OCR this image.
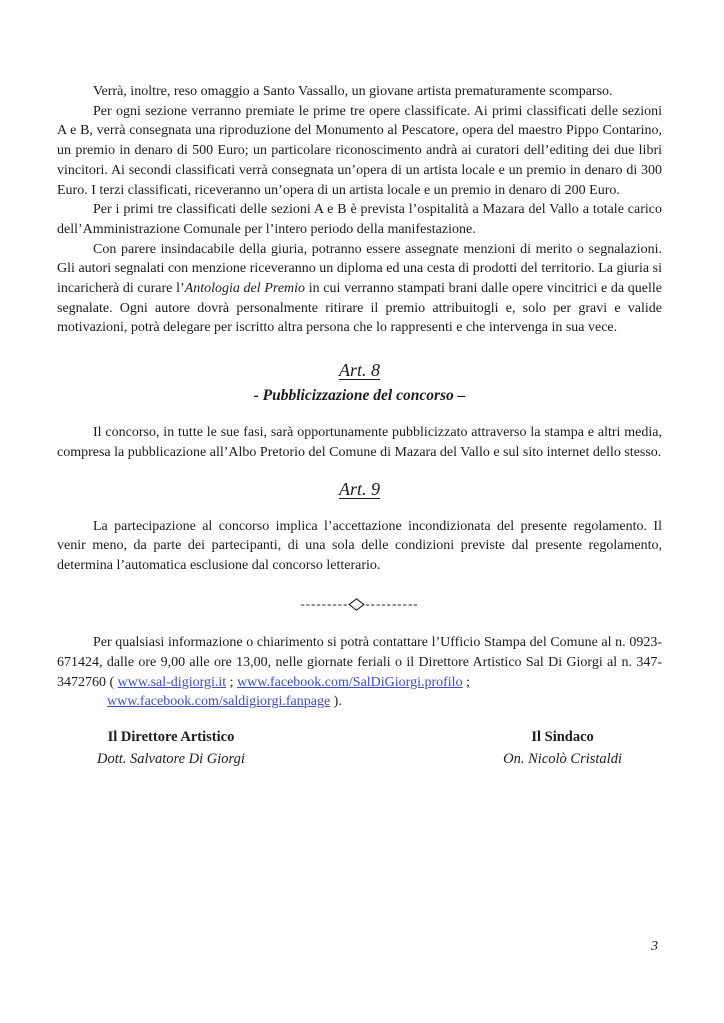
Verrà, inoltre, reso omaggio a Santo Vassallo, un giovane artista prematuramente scomparso.

Per ogni sezione verranno premiate le prime tre opere classificate. Ai primi classificati delle sezioni A e B, verrà consegnata una riproduzione del Monumento al Pescatore, opera del maestro Pippo Contarino, un premio in denaro di 500 Euro; un particolare riconoscimento andrà ai curatori dell’editing dei due libri vincitori. Ai secondi classificati verrà consegnata un’opera di un artista locale e un premio in denaro di 300 Euro. I terzi classificati, riceveranno un’opera di un artista locale e un premio in denaro di 200 Euro.

Per i primi tre classificati delle sezioni A e B è prevista l’ospitalità a Mazara del Vallo a totale carico dell’Amministrazione Comunale per l’intero periodo della manifestazione.

Con parere insindacabile della giuria, potranno essere assegnate menzioni di merito o segnalazioni. Gli autori segnalati con menzione riceveranno un diploma ed una cesta di prodotti del territorio. La giuria si incaricherà di curare l’Antologia del Premio in cui verranno stampati brani dalle opere vincitrici e da quelle segnalate. Ogni autore dovrà personalmente ritirare il premio attribuitogli e, solo per gravi e valide motivazioni, potrà delegare per iscritto altra persona che lo rappresenti e che intervenga in sua vece.

Art. 8
- Pubblicizzazione del concorso –

Il concorso, in tutte le sue fasi, sarà opportunamente pubblicizzato attraverso la stampa e altri media, compresa la pubblicazione all’Albo Pretorio del Comune di Mazara del Vallo e sul sito internet dello stesso.

Art. 9

La partecipazione al concorso implica l’accettazione incondizionata del presente regolamento. Il venir meno, da parte dei partecipanti, di una sola delle condizioni previste dal presente regolamento, determina l’automatica esclusione dal concorso letterario.

--------- ----------

Per qualsiasi informazione o chiarimento si potrà contattare l’Ufficio Stampa del Comune al n. 0923-671424, dalle ore 9,00 alle ore 13,00, nelle giornate feriali o il Direttore Artistico Sal Di Giorgi al n. 347-3472760 ( www.sal-digiorgi.it ; www.facebook.com/SalDiGiorgi.profilo ;
www.facebook.com/saldigiorgi.fanpage ).

Il Direttore Artistico
Dott. Salvatore Di Giorgi
Il Sindaco
On. Nicolò Cristaldi
3
